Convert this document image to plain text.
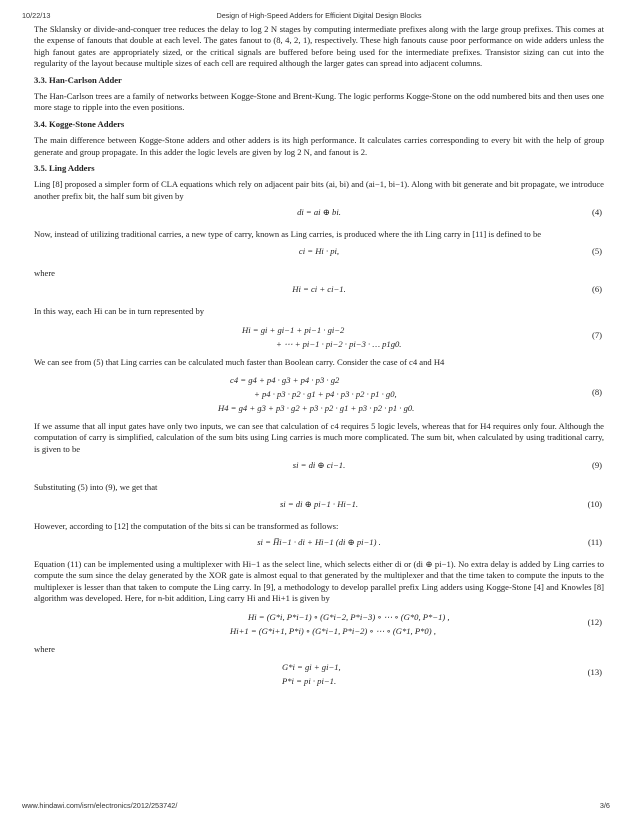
10/22/13	Design of High-Speed Adders for Efficient Digital Design Blocks

The Sklansky or divide-and-conquer tree reduces the delay to log 2 N stages by computing intermediate prefixes along with the large group prefixes. This comes at the expense of fanouts that double at each level. The gates fanout to (8, 4, 2, 1), respectively. These high fanouts cause poor performance on wide adders unless the high fanout gates are appropriately sized, or the critical signals are buffered before being used for the intermediate prefixes. Transistor sizing can cut into the regularity of the layout because multiple sizes of each cell are required although the larger gates can spread into adjacent columns.

3.3. Han-Carlson Adder

The Han-Carlson trees are a family of networks between Kogge-Stone and Brent-Kung. The logic performs Kogge-Stone on the odd numbered bits and then uses one more stage to ripple into the even positions.

3.4. Kogge-Stone Adders

The main difference between Kogge-Stone adders and other adders is its high performance. It calculates carries corresponding to every bit with the help of group generate and group propagate. In this adder the logic levels are given by log 2 N, and fanout is 2.

3.5. Ling Adders

Ling [8] proposed a simpler form of CLA equations which rely on adjacent pair bits (ai, bi) and (ai−1, bi−1). Along with bit generate and bit propagate, we introduce another prefix bit, the half sum bit given by

di = ai ⊕ bi.	(4)

Now, instead of utilizing traditional carries, a new type of carry, known as Ling carries, is produced where the ith Ling carry in [11] is defined to be

ci = Hi · pi,	(5)

where

Hi = ci + ci−1.	(6)

In this way, each Hi can be in turn represented by

Hi = gi + gi−1 + pi−1 · gi−2
+ ⋯ + pi−1 · pi−2 · pi−3 · … p1g0.
(7)

We can see from (5) that Ling carries can be calculated much faster than Boolean carry. Consider the case of c4 and H4

c4 = g4 + p4 · g3 + p4 · p3 · g2
+ p4 · p3 · p2 · g1 + p4 · p3 · p2 · p1 · g0,
H4 = g4 + g3 + p3 · g2 + p3 · p2 · g1 + p3 · p2 · p1 · g0.
(8)

If we assume that all input gates have only two inputs, we can see that calculation of c4 requires 5 logic levels, whereas that for H4 requires only four. Although the computation of carry is simplified, calculation of the sum bits using Ling carries is much more complicated. The sum bit, when calculated by using traditional carry, is given to be

si = di ⊕ ci−1.	(9)

Substituting (5) into (9), we get that

si = di ⊕ pi−1 · Hi−1.	(10)

However, according to [12] the computation of the bits si can be transformed as follows:

si = H̅i−1 · di + Hi−1 (di ⊕ pi−1) .	(11)

Equation (11) can be implemented using a multiplexer with Hi−1 as the select line, which selects either di or (di ⊕ pi−1). No extra delay is added by Ling carries to compute the sum since the delay generated by the XOR gate is almost equal to that generated by the multiplexer and that the time taken to compute the inputs to the multiplexer is lesser than that taken to compute the Ling carry. In [9], a methodology to develop parallel prefix Ling adders using Kogge-Stone [4] and Knowles [8] algorithm was developed. Here, for n-bit addition, Ling carry Hi and Hi+1 is given by

Hi = (G*i, P*i−1) ∘ (G*i−2, P*i−3) ∘ ⋯ ∘ (G*0, P*−1) ,
Hi+1 = (G*i+1, P*i) ∘ (G*i−1, P*i−2) ∘ ⋯ ∘ (G*1, P*0) ,
(12)

where

G*i = gi + gi−1,
P*i = pi · pi−1.
(13)
www.hindawi.com/isrn/electronics/2012/253742/	3/6
